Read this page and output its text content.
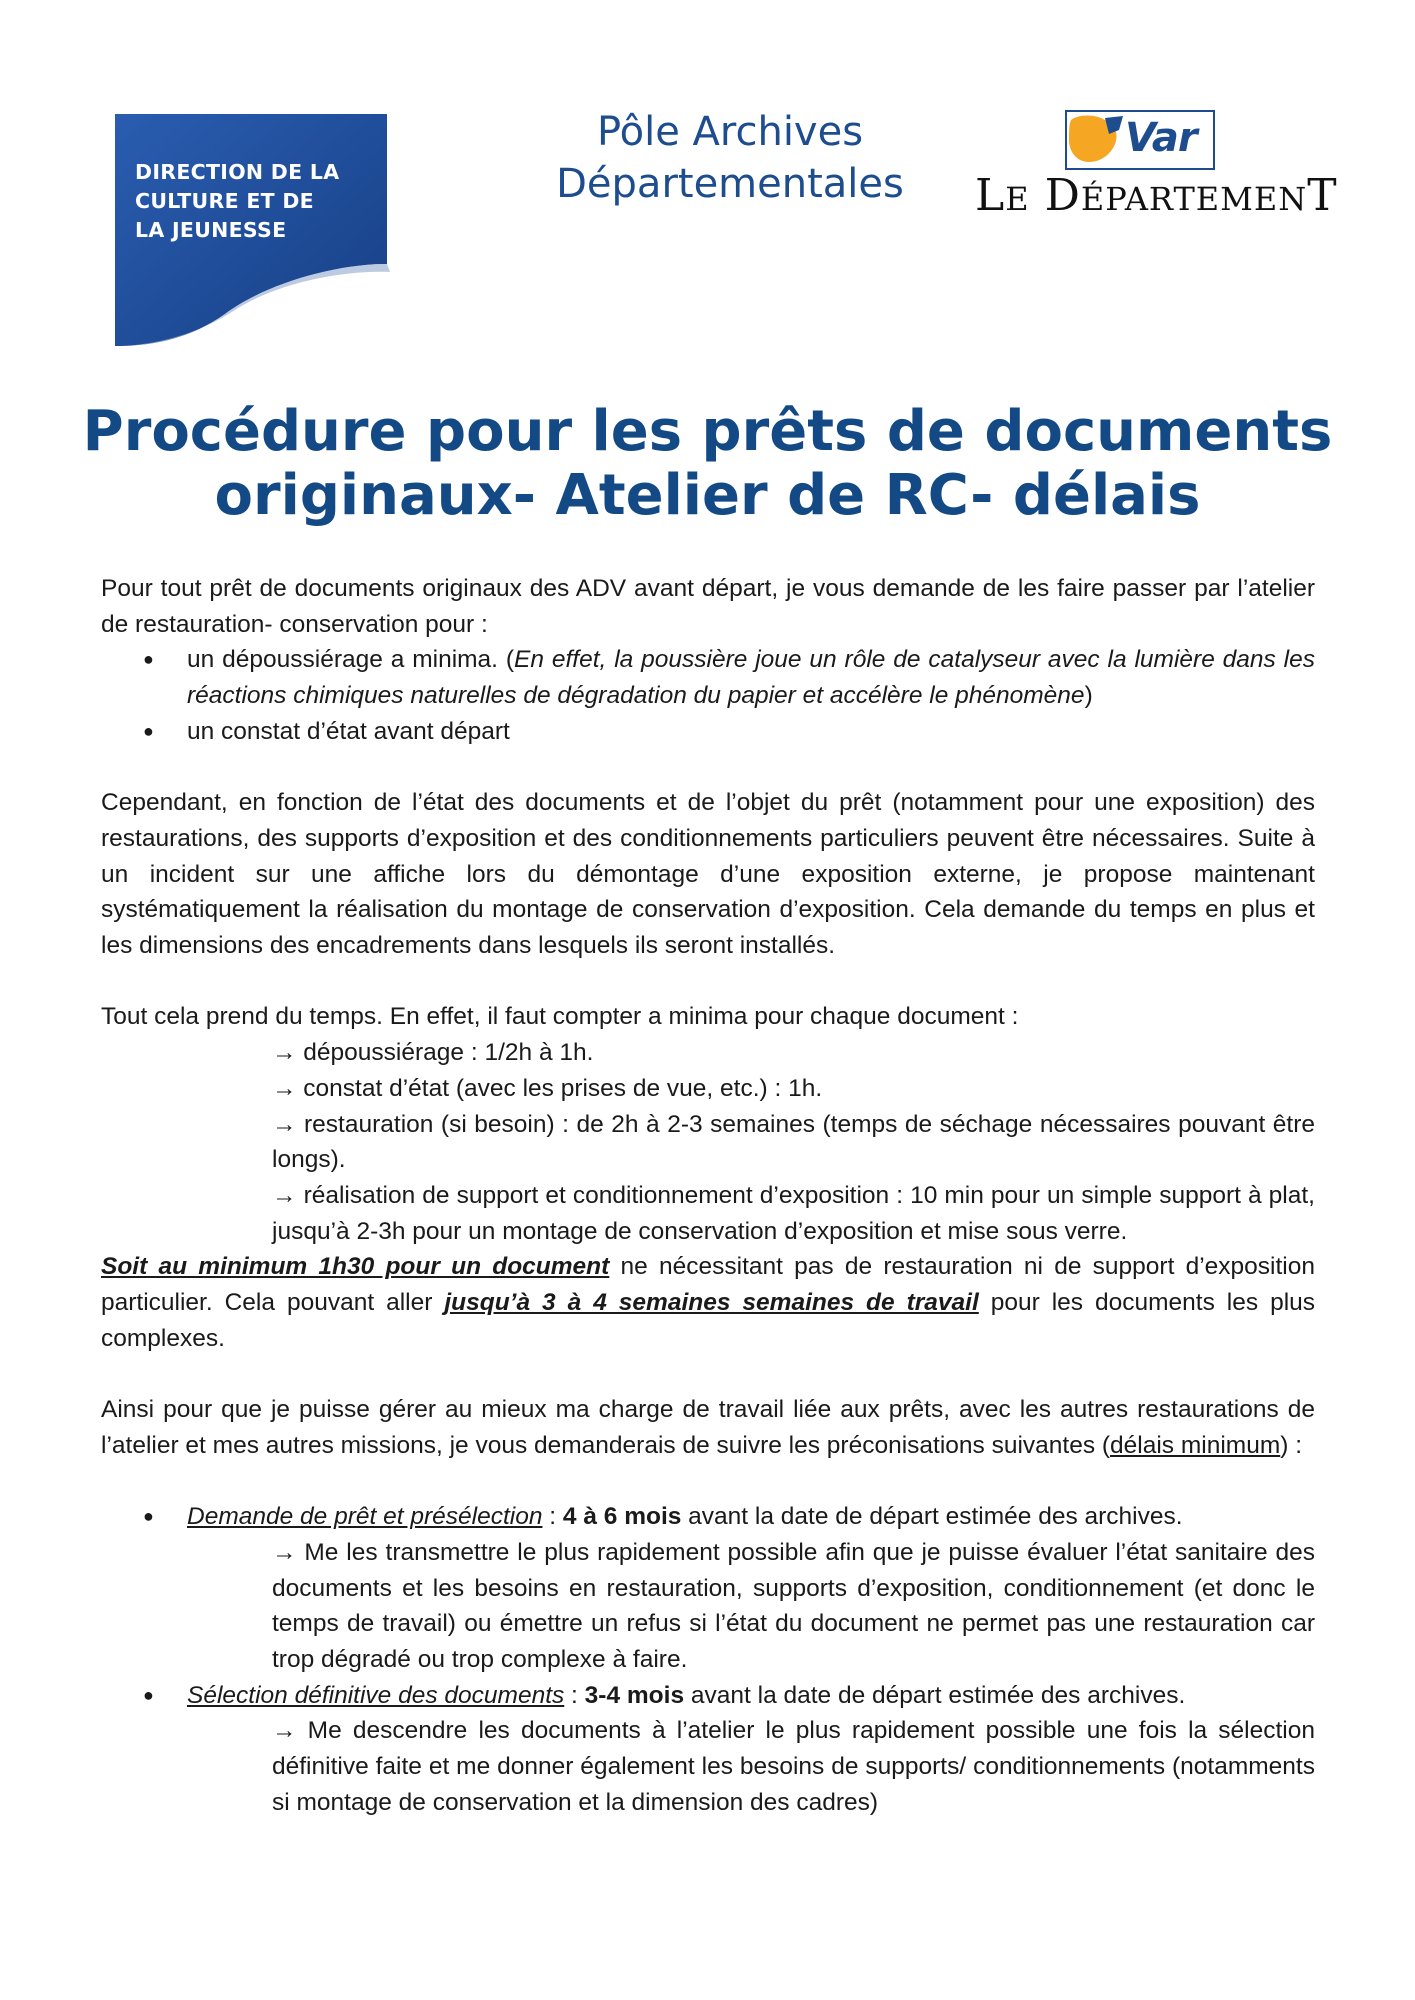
DIRECTION DE LA
CULTURE ET DE
LA JEUNESSE
Pôle Archives
Départementales
Var
LE DÉPARTEMENT
Procédure pour les prêts de documents
originaux- Atelier de RC- délais

Pour tout prêt de documents originaux des ADV avant départ, je vous demande de les faire passer par l’atelier de restauration- conservation pour :

● un dépoussiérage a minima. (En effet, la poussière joue un rôle de catalyseur avec la lumière dans les réactions chimiques naturelles de dégradation du papier et accélère le phénomène)

● un constat d’état avant départ

Cependant, en fonction de l’état des documents et de l’objet du prêt (notamment pour une exposition) des restaurations, des supports d’exposition et des conditionnements particuliers peuvent être nécessaires. Suite à un incident sur une affiche lors du démontage d’une exposition externe, je propose maintenant systématiquement la réalisation du montage de conservation d’exposition. Cela demande du temps en plus et les dimensions des encadrements dans lesquels ils seront installés.

Tout cela prend du temps. En effet, il faut compter a minima pour chaque document :

→ dépoussiérage : 1/2h à 1h.

→ constat d’état (avec les prises de vue, etc.) : 1h.

→ restauration (si besoin) : de 2h à 2-3 semaines (temps de séchage nécessaires pouvant être longs).

→ réalisation de support et conditionnement d’exposition : 10 min pour un simple support à plat, jusqu’à 2-3h pour un montage de conservation d’exposition et mise sous verre.

Soit au minimum 1h30 pour un document ne nécessitant pas de restauration ni de support d’exposition particulier. Cela pouvant aller jusqu’à 3 à 4 semaines semaines de travail pour les documents les plus complexes.

Ainsi pour que je puisse gérer au mieux ma charge de travail liée aux prêts, avec les autres restaurations de l’atelier et mes autres missions, je vous demanderais de suivre les préconisations suivantes (délais minimum) :

● Demande de prêt et présélection : 4 à 6 mois avant la date de départ estimée des archives.

→ Me les transmettre le plus rapidement possible afin que je puisse évaluer l’état sanitaire des documents et les besoins en restauration, supports d’exposition, conditionnement (et donc le temps de travail) ou émettre un refus si l’état du document ne permet pas une restauration car trop dégradé ou trop complexe à faire.

● Sélection définitive des documents : 3-4 mois avant la date de départ estimée des archives.

→ Me descendre les documents à l’atelier le plus rapidement possible une fois la sélection définitive faite et me donner également les besoins de supports/ conditionnements (notamments si montage de conservation et la dimension des cadres)
